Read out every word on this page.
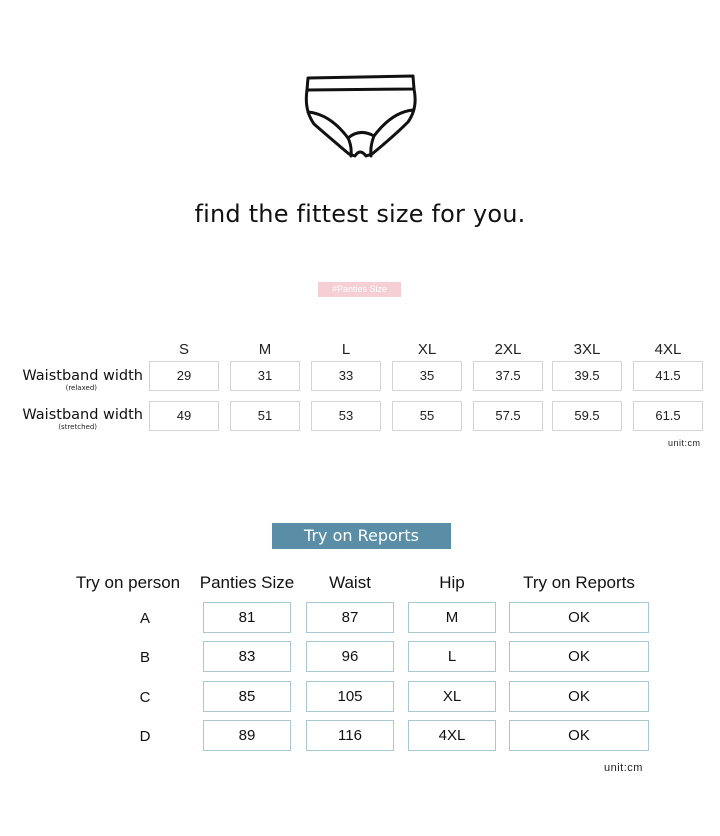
find the fittest size for you.
#Panties Size
S	M	L	XL	2XL	3XL	4XL
Waistband width
(relaxed)
29	31	33	35	37.5	39.5	41.5
Waistband width
(stretched)
49	51	53	55	57.5	59.5	61.5
unit:cm
Try on Reports
Try on person	Panties Size	Waist	Hip	Try on Reports
A	81	87	M	OK
B	83	96	L	OK
C	85	105	XL	OK
D	89	116	4XL	OK
unit:cm
